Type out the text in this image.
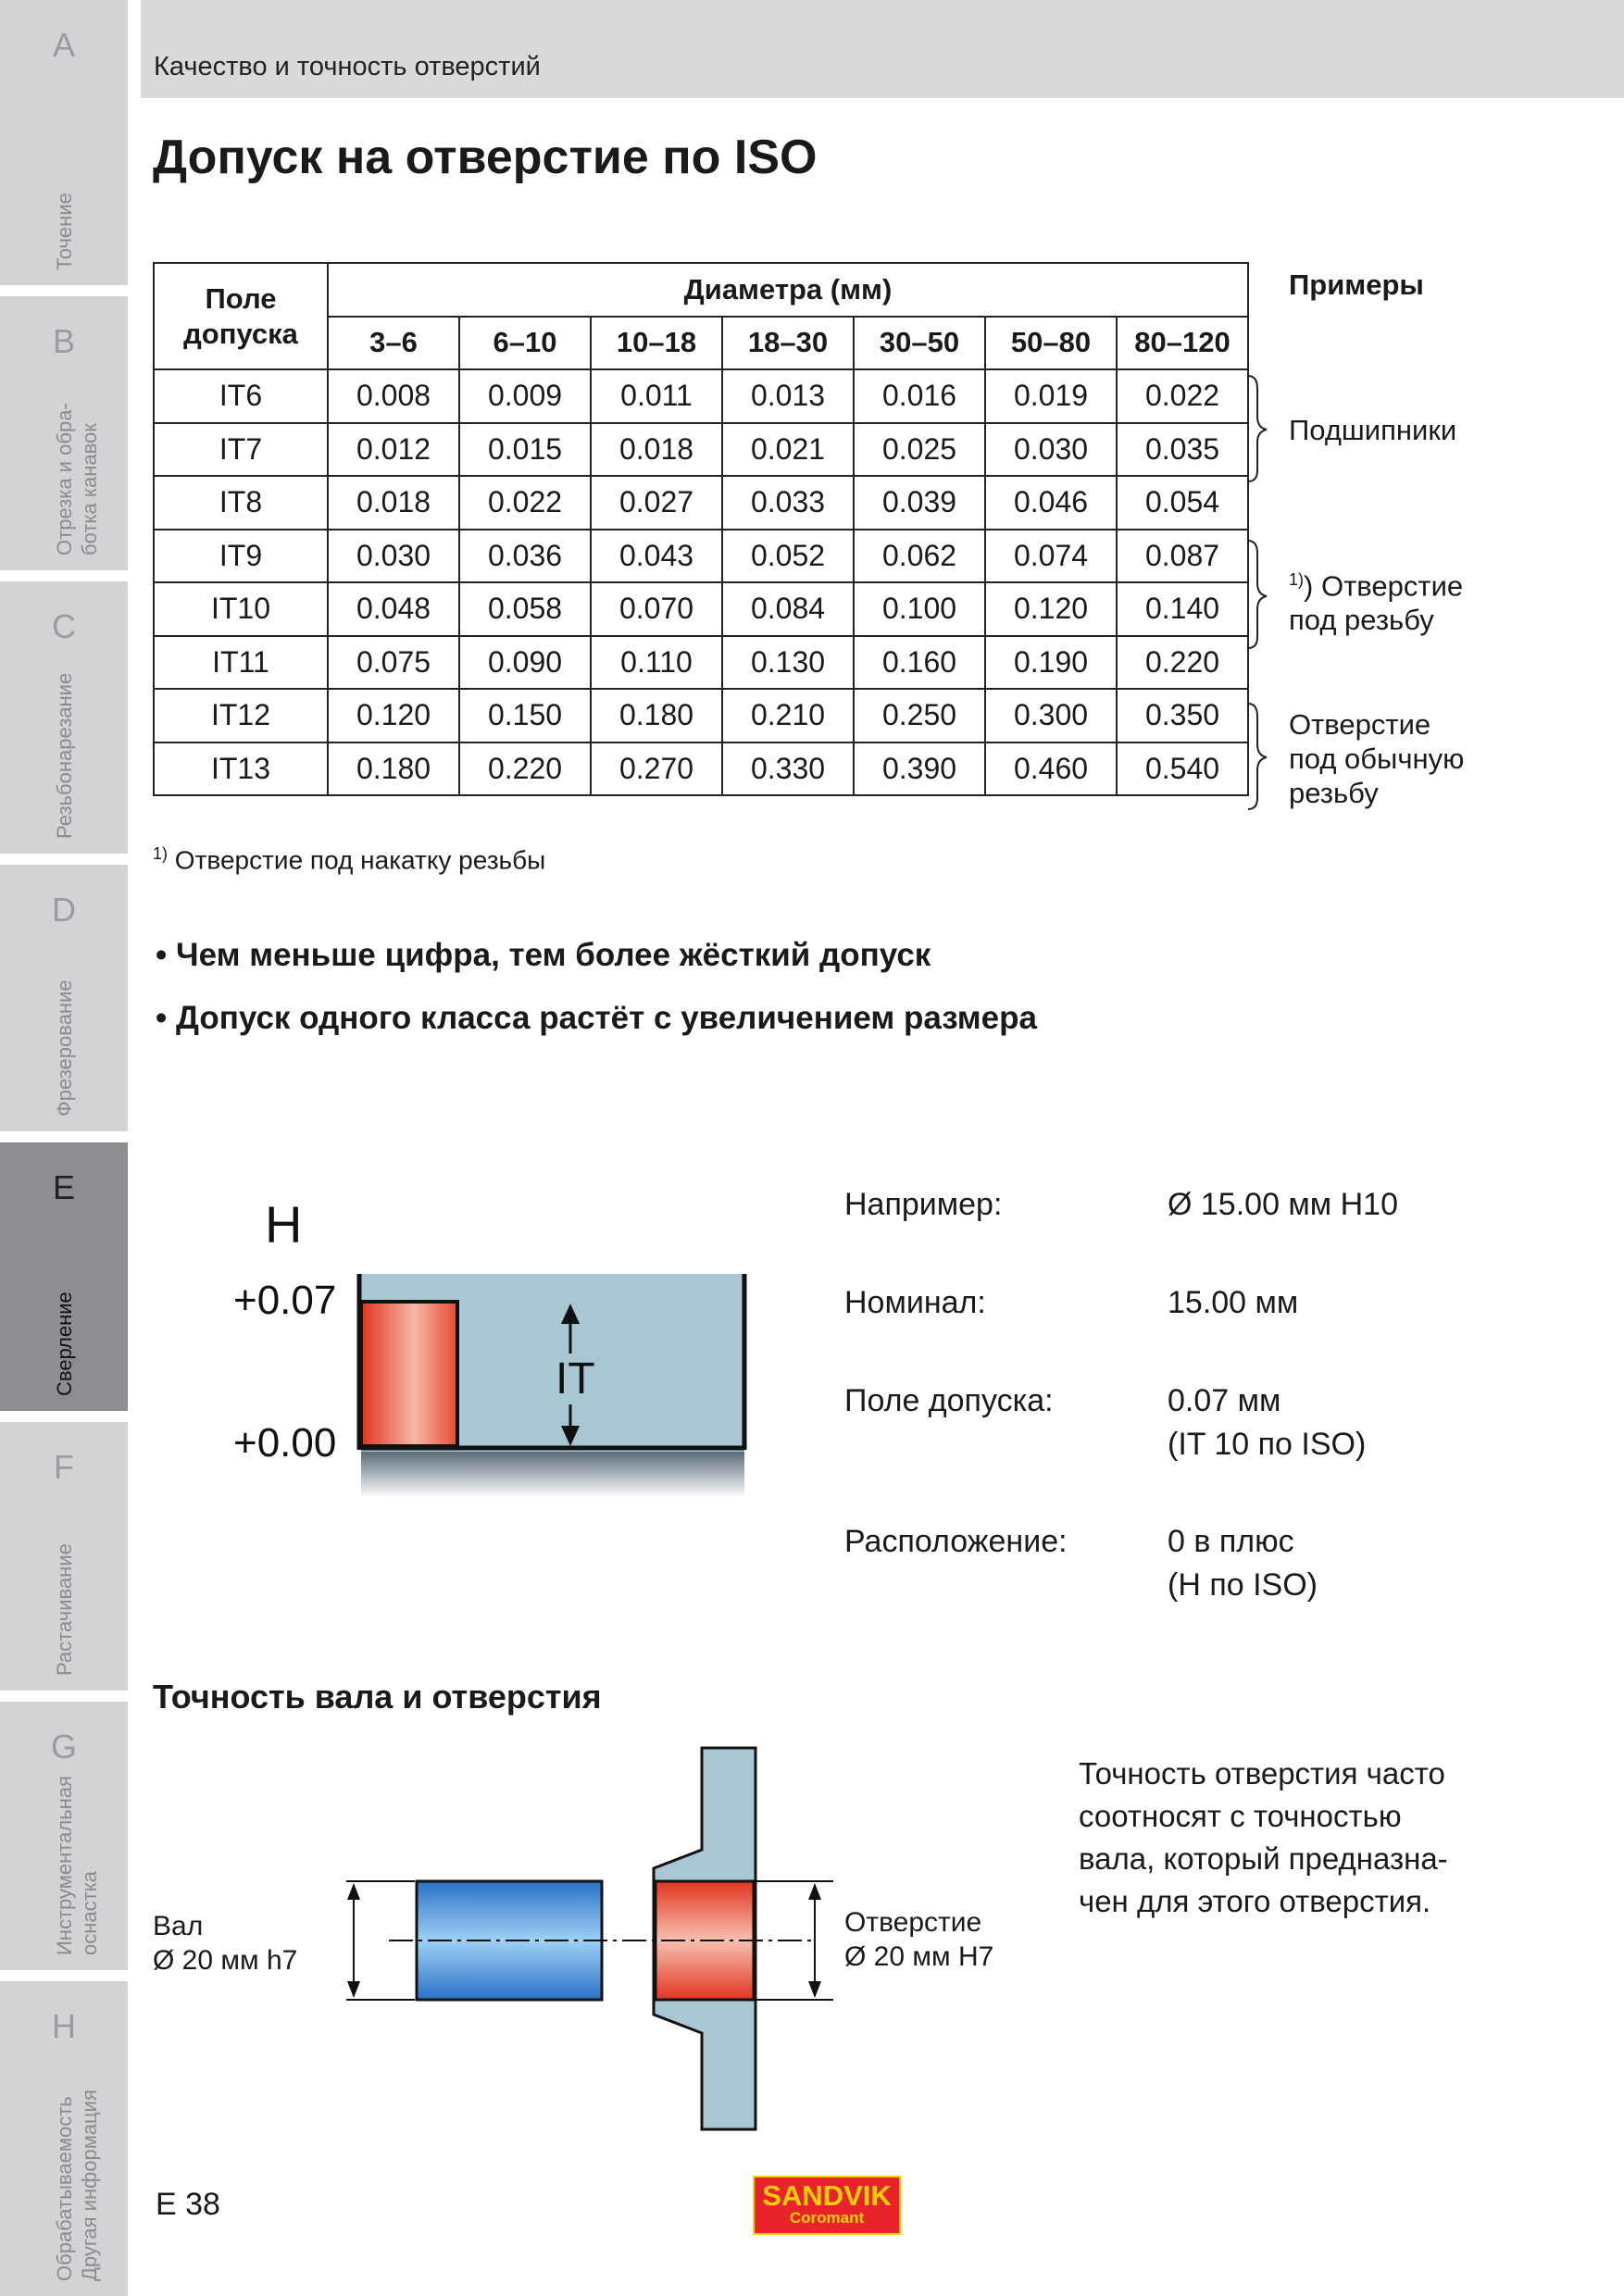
A
Точение
B
Отрезка и обра-
ботка канавок
C
Резьбонарезание
D
Фрезерование
E
Сверление
F
Растачивание
G
Инструментальная
оснастка
H
Обрабатываемость
Другая информация
Качество и точность отверстий
Допуск на отверстие по ISO
Поле допуска	Диаметра (мм)						
	3–6	6–10	10–18	18–30	30–50	50–80	80–120
IT6	0.008	0.009	0.011	0.013	0.016	0.019	0.022
IT7	0.012	0.015	0.018	0.021	0.025	0.030	0.035
IT8	0.018	0.022	0.027	0.033	0.039	0.046	0.054
IT9	0.030	0.036	0.043	0.052	0.062	0.074	0.087
IT10	0.048	0.058	0.070	0.084	0.100	0.120	0.140
IT11	0.075	0.090	0.110	0.130	0.160	0.190	0.220
IT12	0.120	0.150	0.180	0.210	0.250	0.300	0.350
IT13	0.180	0.220	0.270	0.330	0.390	0.460	0.540
Примеры
Подшипники
$^{1)}$) Отверстие
под резьбу
Отверстие
под обычную
резьбу
$^{1)}$ Отверстие под накатку резьбы
• Чем меньше цифра, тем более жёсткий допуск
• Допуск одного класса растёт с увеличением размера
H
+0.07
+0.00
IT
Например:	Ø 15.00 мм H10
Номинал:	15.00 мм
Поле допуска:	0.07 мм
(IT 10 по ISO)
Расположение:	0 в плюс
(H по ISO)
Точность вала и отверстия
Вал
Ø 20 мм h7
Отверстие
Ø 20 мм H7
Точность отверстия часто
соотносят с точностью
вала, который предназна-
чен для этого отверстия.
E 38	SANDVIK
Coromant
